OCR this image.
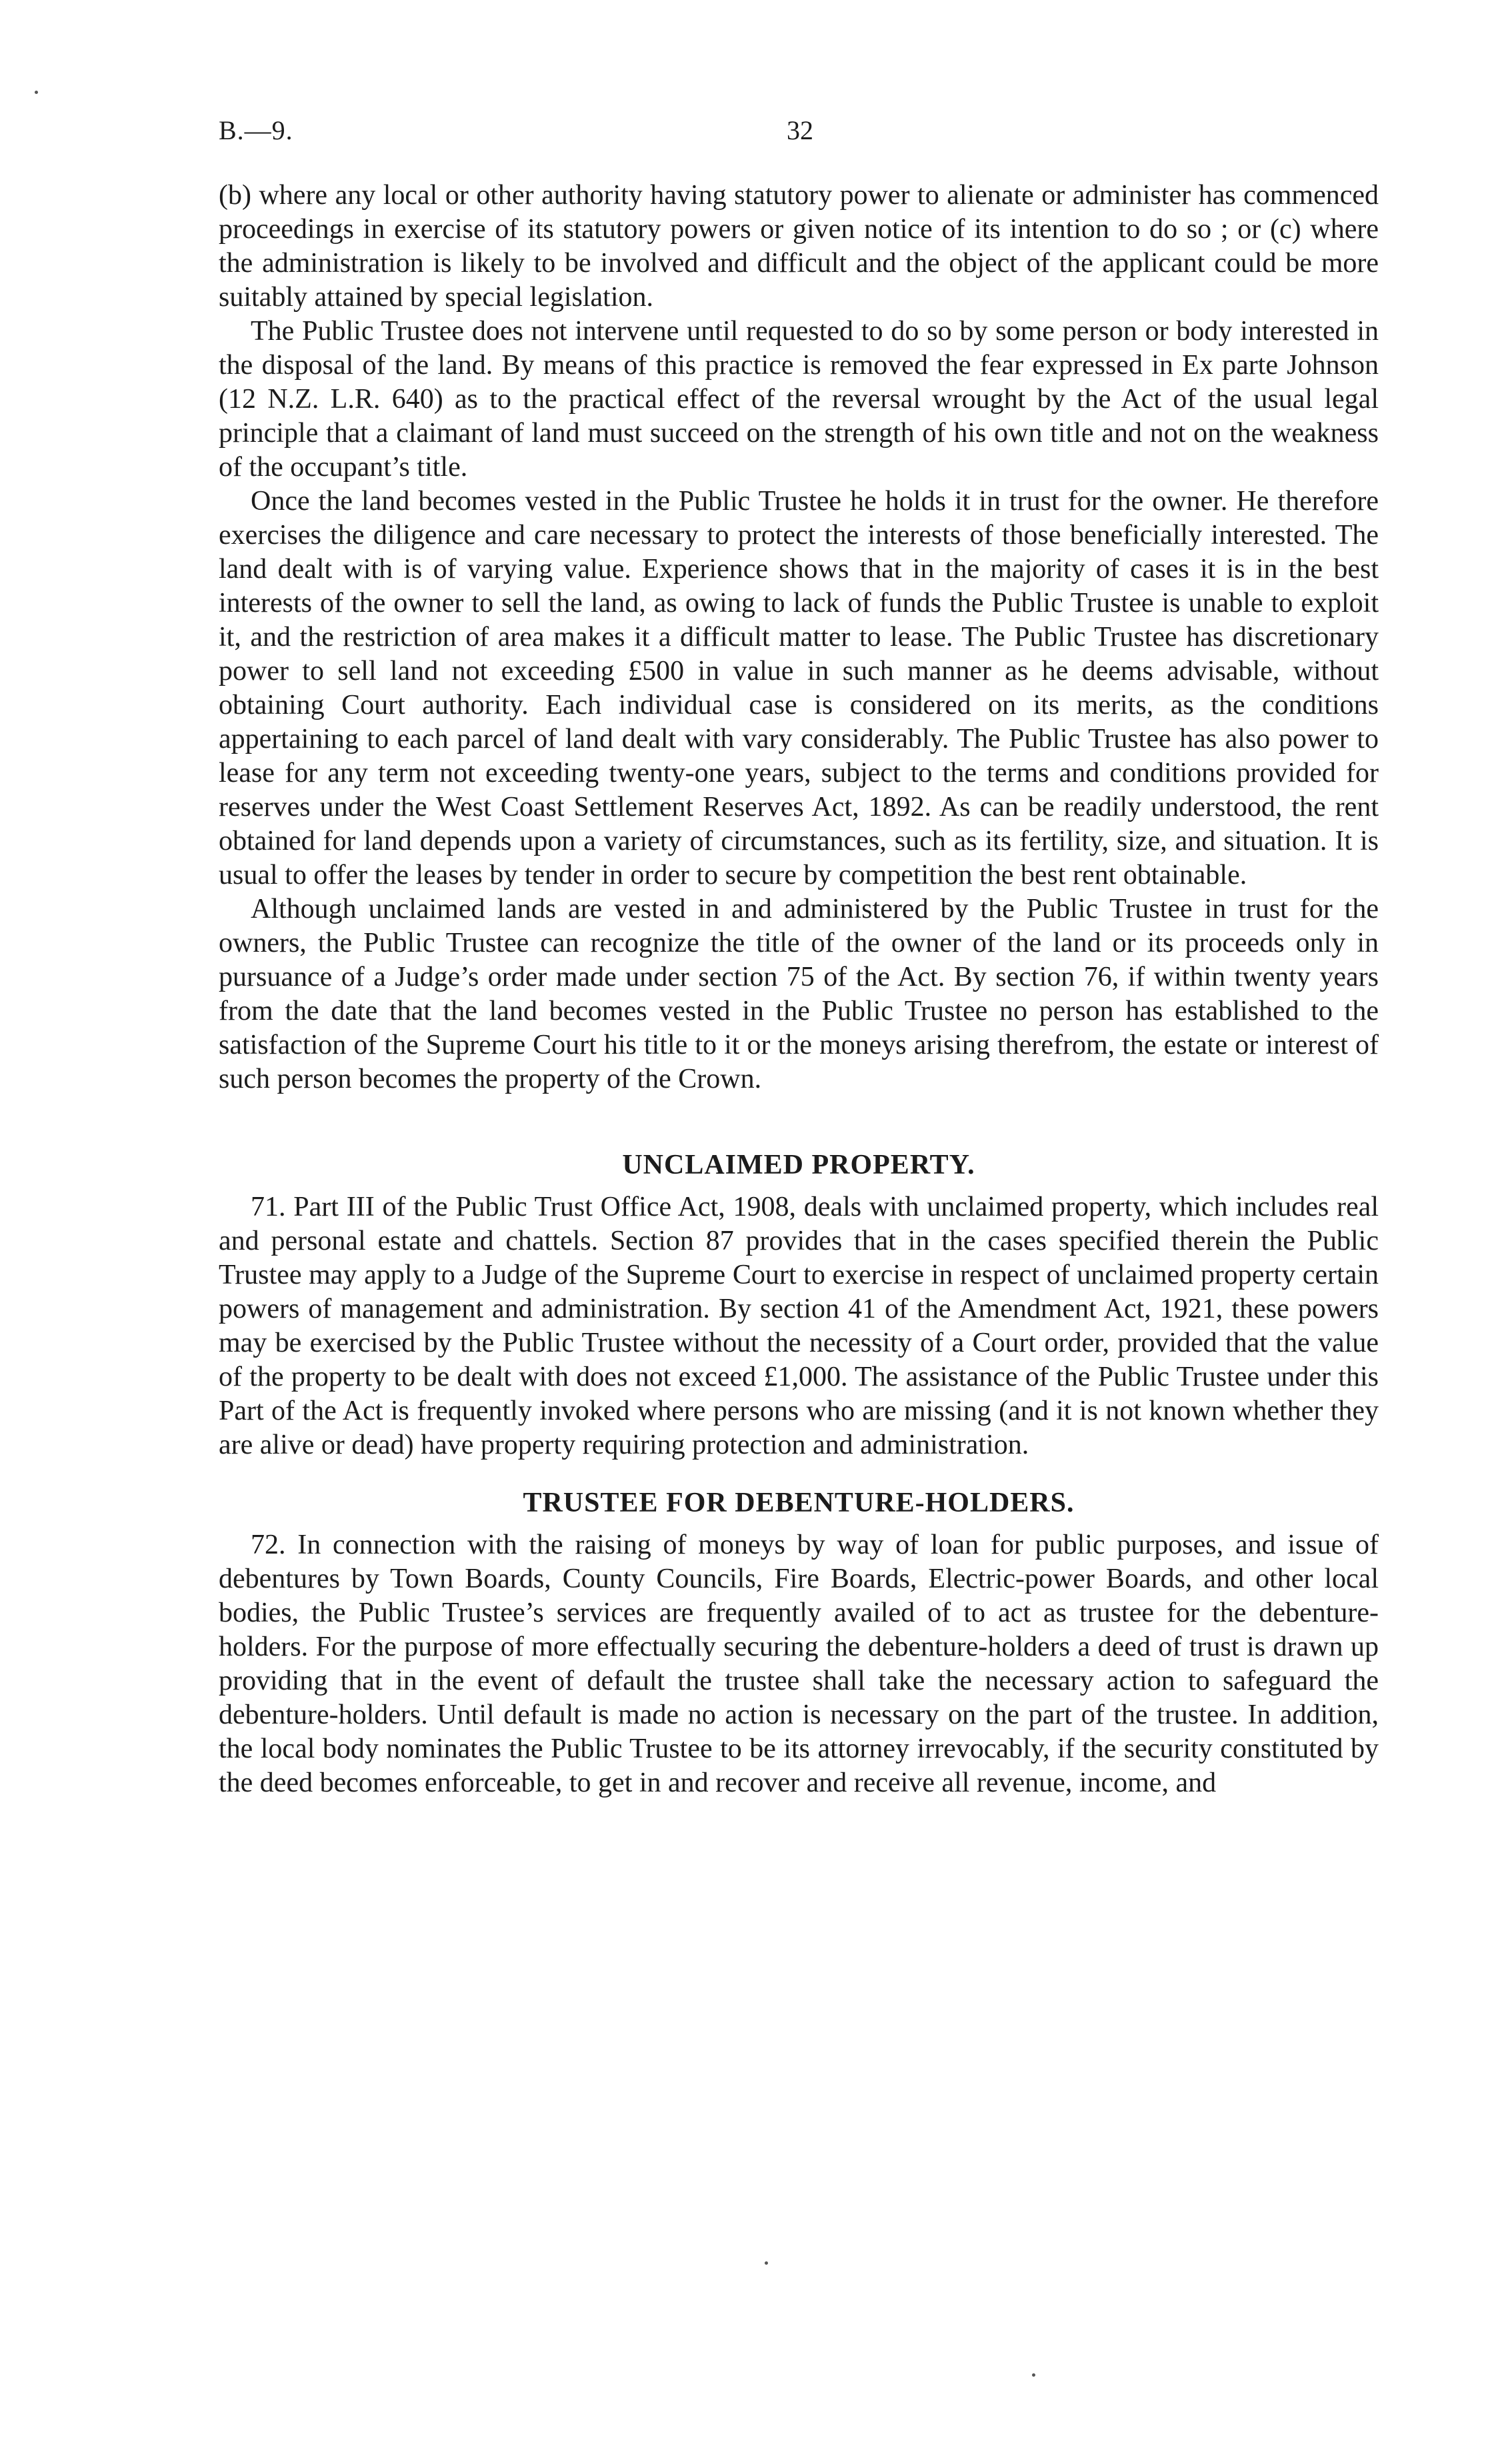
B.—9.	32

(b) where any local or other authority having statutory power to alienate or administer has commenced proceedings in exercise of its statutory powers or given notice of its intention to do so ; or (c) where the administration is likely to be involved and difficult and the object of the applicant could be more suitably attained by special legislation.

The Public Trustee does not intervene until requested to do so by some person or body interested in the disposal of the land. By means of this practice is removed the fear expressed in Ex parte Johnson (12 N.Z. L.R. 640) as to the practical effect of the reversal wrought by the Act of the usual legal principle that a claimant of land must succeed on the strength of his own title and not on the weakness of the occupant’s title.

Once the land becomes vested in the Public Trustee he holds it in trust for the owner. He therefore exercises the diligence and care necessary to protect the interests of those beneficially interested. The land dealt with is of varying value. Experience shows that in the majority of cases it is in the best interests of the owner to sell the land, as owing to lack of funds the Public Trustee is unable to exploit it, and the restriction of area makes it a difficult matter to lease. The Public Trustee has discretionary power to sell land not exceeding £500 in value in such manner as he deems advisable, without obtaining Court authority. Each individual case is considered on its merits, as the conditions appertaining to each parcel of land dealt with vary considerably. The Public Trustee has also power to lease for any term not exceeding twenty-one years, subject to the terms and conditions provided for reserves under the West Coast Settlement Reserves Act, 1892. As can be readily understood, the rent obtained for land depends upon a variety of circumstances, such as its fertility, size, and situation. It is usual to offer the leases by tender in order to secure by competition the best rent obtainable.

Although unclaimed lands are vested in and administered by the Public Trustee in trust for the owners, the Public Trustee can recognize the title of the owner of the land or its proceeds only in pursuance of a Judge’s order made under section 75 of the Act. By section 76, if within twenty years from the date that the land becomes vested in the Public Trustee no person has established to the satisfaction of the Supreme Court his title to it or the moneys arising therefrom, the estate or interest of such person becomes the property of the Crown.

UNCLAIMED PROPERTY.

71. Part III of the Public Trust Office Act, 1908, deals with unclaimed property, which includes real and personal estate and chattels. Section 87 provides that in the cases specified therein the Public Trustee may apply to a Judge of the Supreme Court to exercise in respect of unclaimed property certain powers of management and administration. By section 41 of the Amendment Act, 1921, these powers may be exercised by the Public Trustee without the necessity of a Court order, provided that the value of the property to be dealt with does not exceed £1,000. The assistance of the Public Trustee under this Part of the Act is frequently invoked where persons who are missing (and it is not known whether they are alive or dead) have property requiring protection and administration.

TRUSTEE FOR DEBENTURE-HOLDERS.

72. In connection with the raising of moneys by way of loan for public purposes, and issue of debentures by Town Boards, County Councils, Fire Boards, Electric-power Boards, and other local bodies, the Public Trustee’s services are frequently availed of to act as trustee for the debenture-holders. For the purpose of more effectually securing the debenture-holders a deed of trust is drawn up providing that in the event of default the trustee shall take the necessary action to safeguard the debenture-holders. Until default is made no action is necessary on the part of the trustee. In addition, the local body nominates the Public Trustee to be its attorney irrevocably, if the security constituted by the deed becomes enforceable, to get in and recover and receive all revenue, income, and
